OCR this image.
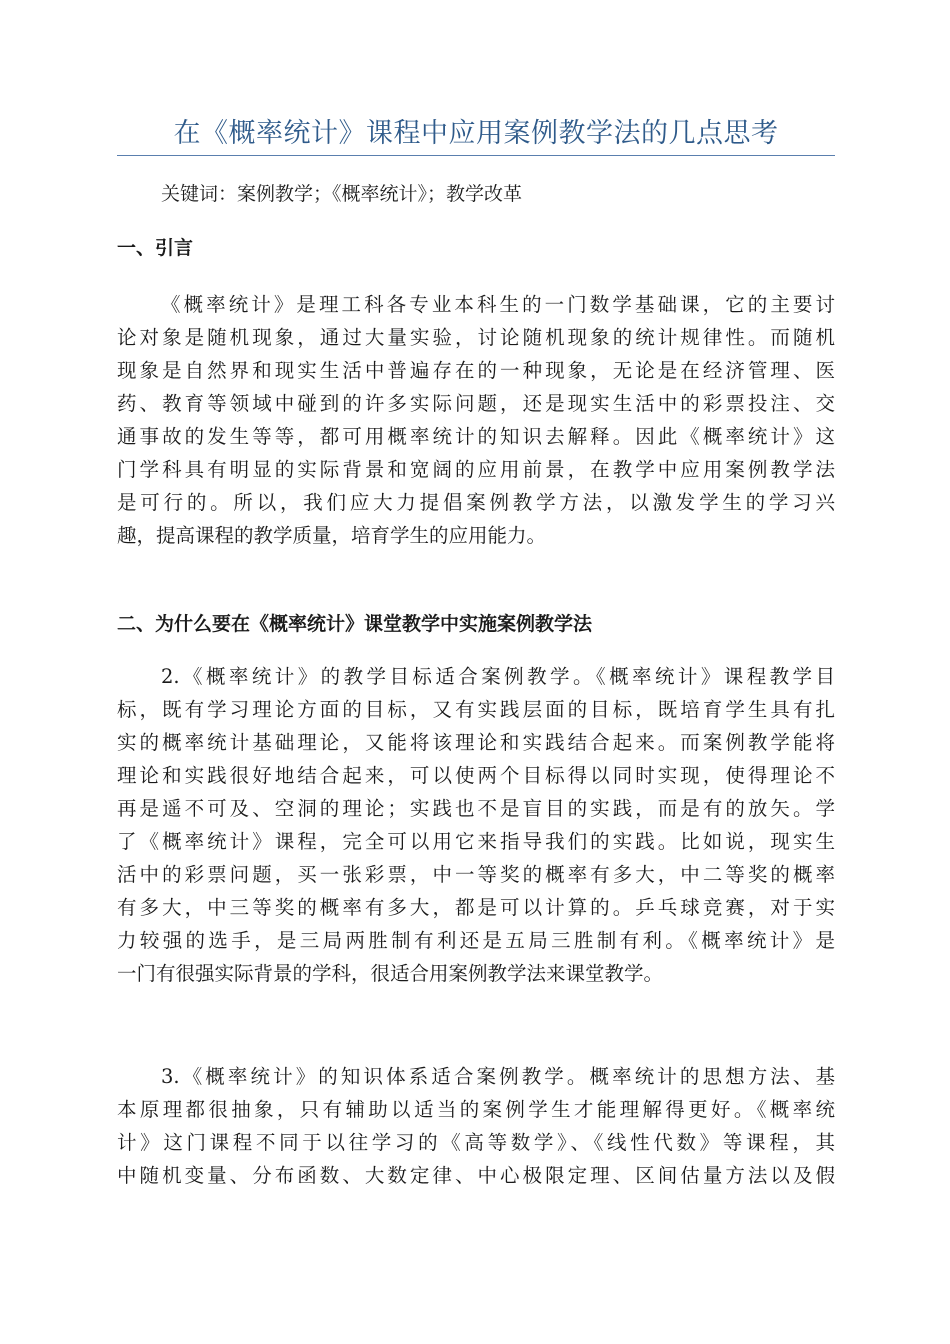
在《概率统计》课程中应用案例教学法的几点思考
关键词：案例教学；《概率统计》；教学改革
一、引言
《概率统计》是理工科各专业本科生的一门数学基础课，它的主要讨
论对象是随机现象，通过大量实验，讨论随机现象的统计规律性。而随机
现象是自然界和现实生活中普遍存在的一种现象，无论是在经济管理、医
药、教育等领域中碰到的许多实际问题，还是现实生活中的彩票投注、交
通事故的发生等等，都可用概率统计的知识去解释。因此《概率统计》这
门学科具有明显的实际背景和宽阔的应用前景，在教学中应用案例教学法
是可行的。所以，我们应大力提倡案例教学方法，以激发学生的学习兴
趣，提高课程的教学质量，培育学生的应用能力。
二、为什么要在《概率统计》课堂教学中实施案例教学法
2.《概率统计》的教学目标适合案例教学。《概率统计》课程教学目
标，既有学习理论方面的目标，又有实践层面的目标，既培育学生具有扎
实的概率统计基础理论，又能将该理论和实践结合起来。而案例教学能将
理论和实践很好地结合起来，可以使两个目标得以同时实现，使得理论不
再是遥不可及、空洞的理论；实践也不是盲目的实践，而是有的放矢。学
了《概率统计》课程，完全可以用它来指导我们的实践。比如说，现实生
活中的彩票问题，买一张彩票，中一等奖的概率有多大，中二等奖的概率
有多大，中三等奖的概率有多大，都是可以计算的。乒乓球竞赛，对于实
力较强的选手，是三局两胜制有利还是五局三胜制有利。《概率统计》是
一门有很强实际背景的学科，很适合用案例教学法来课堂教学。
3.《概率统计》的知识体系适合案例教学。概率统计的思想方法、基
本原理都很抽象，只有辅助以适当的案例学生才能理解得更好。《概率统
计》这门课程不同于以往学习的《高等数学》、《线性代数》等课程，其
中随机变量、分布函数、大数定律、中心极限定理、区间估量方法以及假
